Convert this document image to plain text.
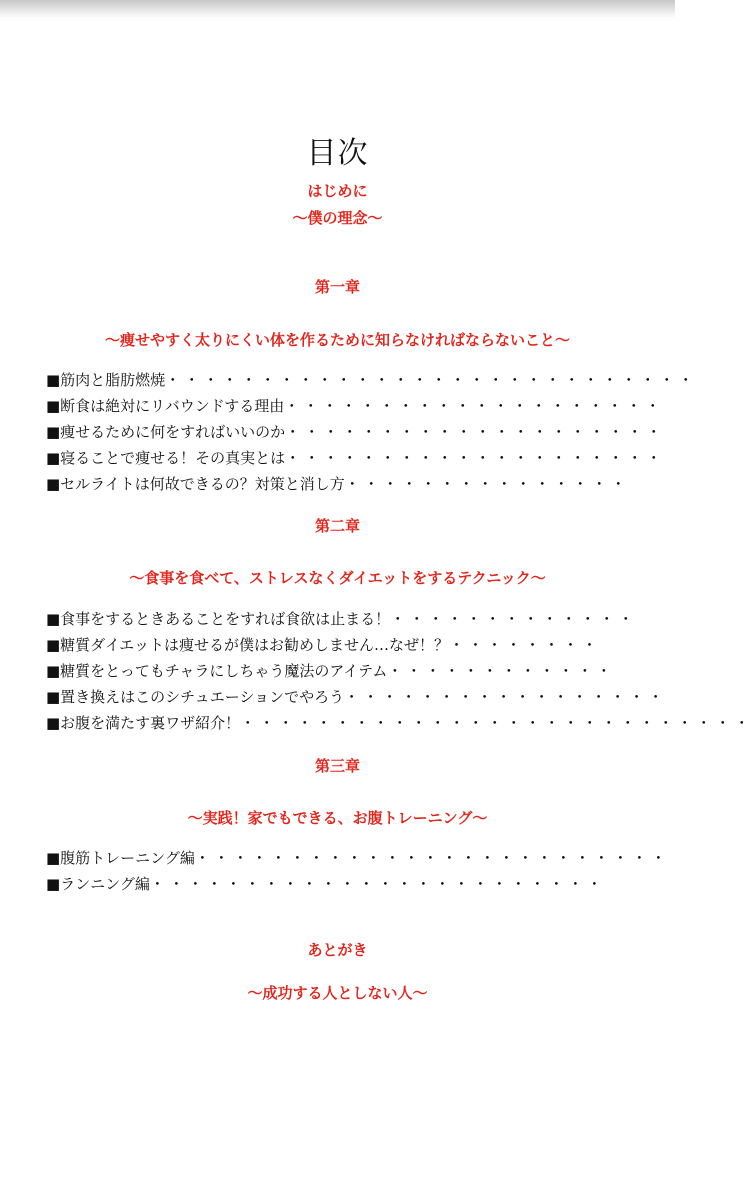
目次
はじめに
〜僕の理念〜
第一章
〜痩せやすく太りにくい体を作るために知らなければならないこと〜
■筋肉と脂肪燃焼・・・・・・・・・・・・・・・・・・・・・・・・・・・・
■断食は絶対にリバウンドする理由・・・・・・・・・・・・・・・・・・・・
■痩せるために何をすればいいのか・・・・・・・・・・・・・・・・・・・・
■寝ることで痩せる！その真実とは・・・・・・・・・・・・・・・・・・・・
■セルライトは何故できるの？対策と消し方・・・・・・・・・・・・・・・
第二章
〜食事を食べて、ストレスなくダイエットをするテクニック〜
■食事をするときあることをすれば食欲は止まる！・・・・・・・・・・・・・
■糖質ダイエットは痩せるが僕はお勧めしません…なぜ！？・・・・・・・・
■糖質をとってもチャラにしちゃう魔法のアイテム・・・・・・・・・・・・
■置き換えはこのシチュエーションでやろう・・・・・・・・・・・・・・・・・
■お腹を満たす裏ワザ紹介！・・・・・・・・・・・・・・・・・・・・・・・・・・・
第三章
〜実践！家でもできる、お腹トレーニング〜
■腹筋トレーニング編・・・・・・・・・・・・・・・・・・・・・・・・・
■ランニング編・・・・・・・・・・・・・・・・・・・・・・・・
あとがき
〜成功する人としない人〜
